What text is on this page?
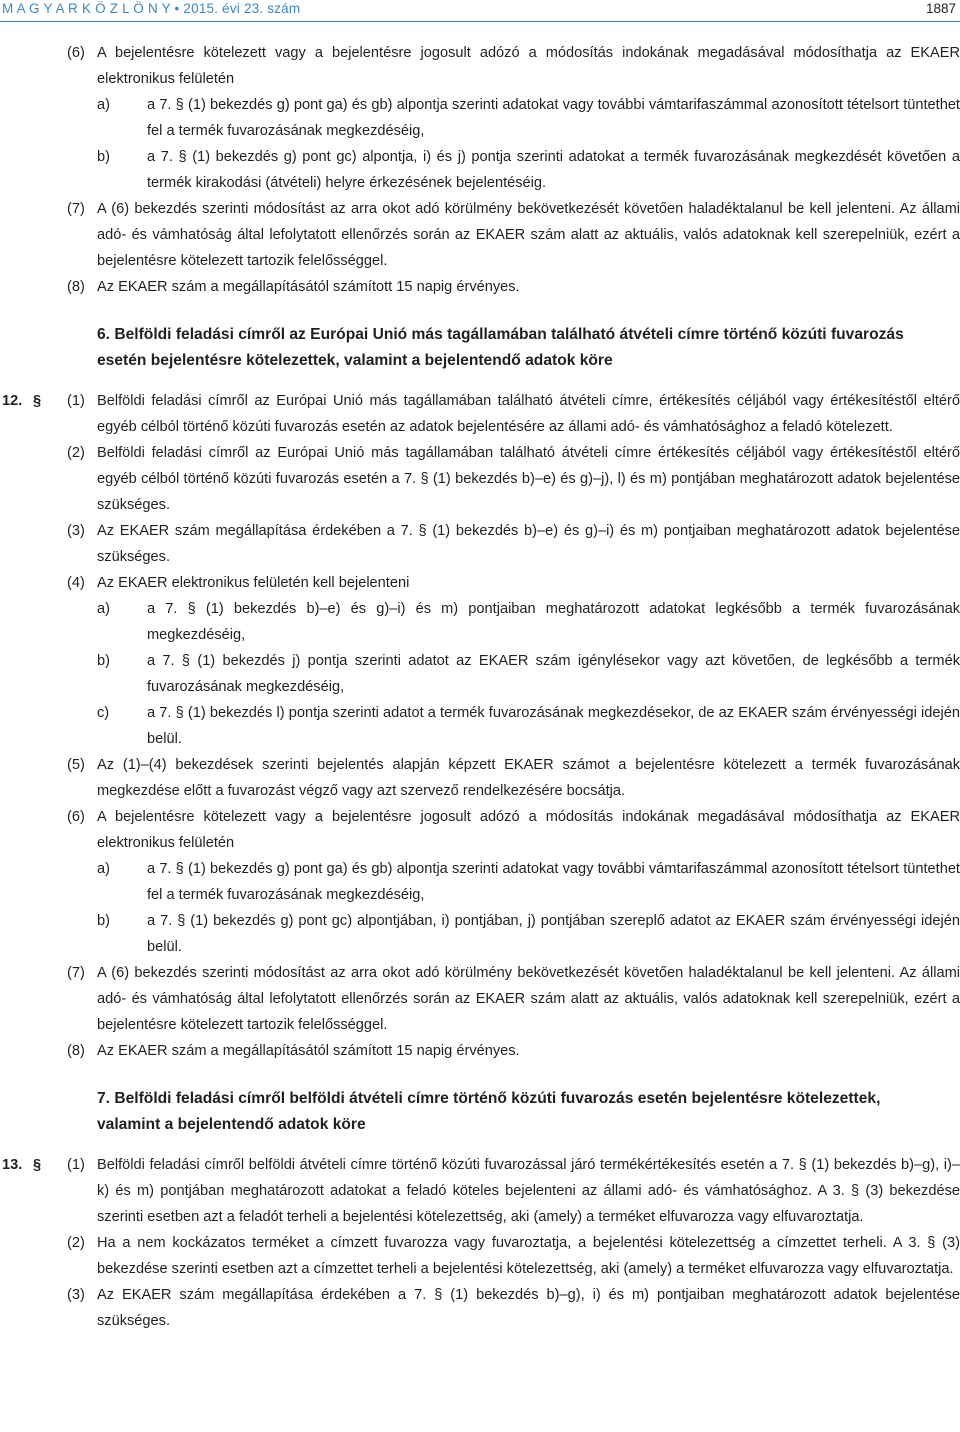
M A G Y A R K Ö Z L Ö N Y • 2015. évi 23. szám	1887

(6) A bejelentésre kötelezett vagy a bejelentésre jogosult adózó a módosítás indokának megadásával módosíthatja az EKAER elektronikus felületén

a)	a 7. § (1) bekezdés g) pont ga) és gb) alpontja szerinti adatokat vagy további vámtarifaszámmal azonosított tételsort tüntethet fel a termék fuvarozásának megkezdéséig,

b)	a 7. § (1) bekezdés g) pont gc) alpontja, i) és j) pontja szerinti adatokat a termék fuvarozásának megkezdését követően a termék kirakodási (átvételi) helyre érkezésének bejelentéséig.

(7) A (6) bekezdés szerinti módosítást az arra okot adó körülmény bekövetkezését követően haladéktalanul be kell jelenteni. Az állami adó- és vámhatóság által lefolytatott ellenőrzés során az EKAER szám alatt az aktuális, valós adatoknak kell szerepelniük, ezért a bejelentésre kötelezett tartozik felelősséggel.

(8) Az EKAER szám a megállapításától számított 15 napig érvényes.

6. Belföldi feladási címről az Európai Unió más tagállamában található átvételi címre történő közúti fuvarozás esetén bejelentésre kötelezettek, valamint a bejelentendő adatok köre

12. § (1) Belföldi feladási címről az Európai Unió más tagállamában található átvételi címre, értékesítés céljából vagy értékesítéstől eltérő egyéb célból történő közúti fuvarozás esetén az adatok bejelentésére az állami adó- és vámhatósághoz a feladó kötelezett.

(2) Belföldi feladási címről az Európai Unió más tagállamában található átvételi címre értékesítés céljából vagy értékesítéstől eltérő egyéb célból történő közúti fuvarozás esetén a 7. § (1) bekezdés b)–e) és g)–j), l) és m) pontjában meghatározott adatok bejelentése szükséges.

(3) Az EKAER szám megállapítása érdekében a 7. § (1) bekezdés b)–e) és g)–i) és m) pontjaiban meghatározott adatok bejelentése szükséges.

(4) Az EKAER elektronikus felületén kell bejelenteni

a)	a 7. § (1) bekezdés b)–e) és g)–i) és m) pontjaiban meghatározott adatokat legkésőbb a termék fuvarozásának megkezdéséig,

b)	a 7. § (1) bekezdés j) pontja szerinti adatot az EKAER szám igénylésekor vagy azt követően, de legkésőbb a termék fuvarozásának megkezdéséig,

c)	a 7. § (1) bekezdés l) pontja szerinti adatot a termék fuvarozásának megkezdésekor, de az EKAER szám érvényességi idején belül.

(5) Az (1)–(4) bekezdések szerinti bejelentés alapján képzett EKAER számot a bejelentésre kötelezett a termék fuvarozásának megkezdése előtt a fuvarozást végző vagy azt szervező rendelkezésére bocsátja.

(6) A bejelentésre kötelezett vagy a bejelentésre jogosult adózó a módosítás indokának megadásával módosíthatja az EKAER elektronikus felületén

a)	a 7. § (1) bekezdés g) pont ga) és gb) alpontja szerinti adatokat vagy további vámtarifaszámmal azonosított tételsort tüntethet fel a termék fuvarozásának megkezdéséig,

b)	a 7. § (1) bekezdés g) pont gc) alpontjában, i) pontjában, j) pontjában szereplő adatot az EKAER szám érvényességi idején belül.

(7) A (6) bekezdés szerinti módosítást az arra okot adó körülmény bekövetkezését követően haladéktalanul be kell jelenteni. Az állami adó- és vámhatóság által lefolytatott ellenőrzés során az EKAER szám alatt az aktuális, valós adatoknak kell szerepelniük, ezért a bejelentésre kötelezett tartozik felelősséggel.

(8) Az EKAER szám a megállapításától számított 15 napig érvényes.

7. Belföldi feladási címről belföldi átvételi címre történő közúti fuvarozás esetén bejelentésre kötelezettek, valamint a bejelentendő adatok köre

13. § (1) Belföldi feladási címről belföldi átvételi címre történő közúti fuvarozással járó termékértékesítés esetén a 7. § (1) bekezdés b)–g), i)–k) és m) pontjában meghatározott adatokat a feladó köteles bejelenteni az állami adó- és vámhatósághoz. A 3. § (3) bekezdése szerinti esetben azt a feladót terheli a bejelentési kötelezettség, aki (amely) a terméket elfuvarozza vagy elfuvaroztatja.

(2) Ha a nem kockázatos terméket a címzett fuvarozza vagy fuvaroztatja, a bejelentési kötelezettség a címzettet terheli. A 3. § (3) bekezdése szerinti esetben azt a címzettet terheli a bejelentési kötelezettség, aki (amely) a terméket elfuvarozza vagy elfuvaroztatja.

(3) Az EKAER szám megállapítása érdekében a 7. § (1) bekezdés b)–g), i) és m) pontjaiban meghatározott adatok bejelentése szükséges.
